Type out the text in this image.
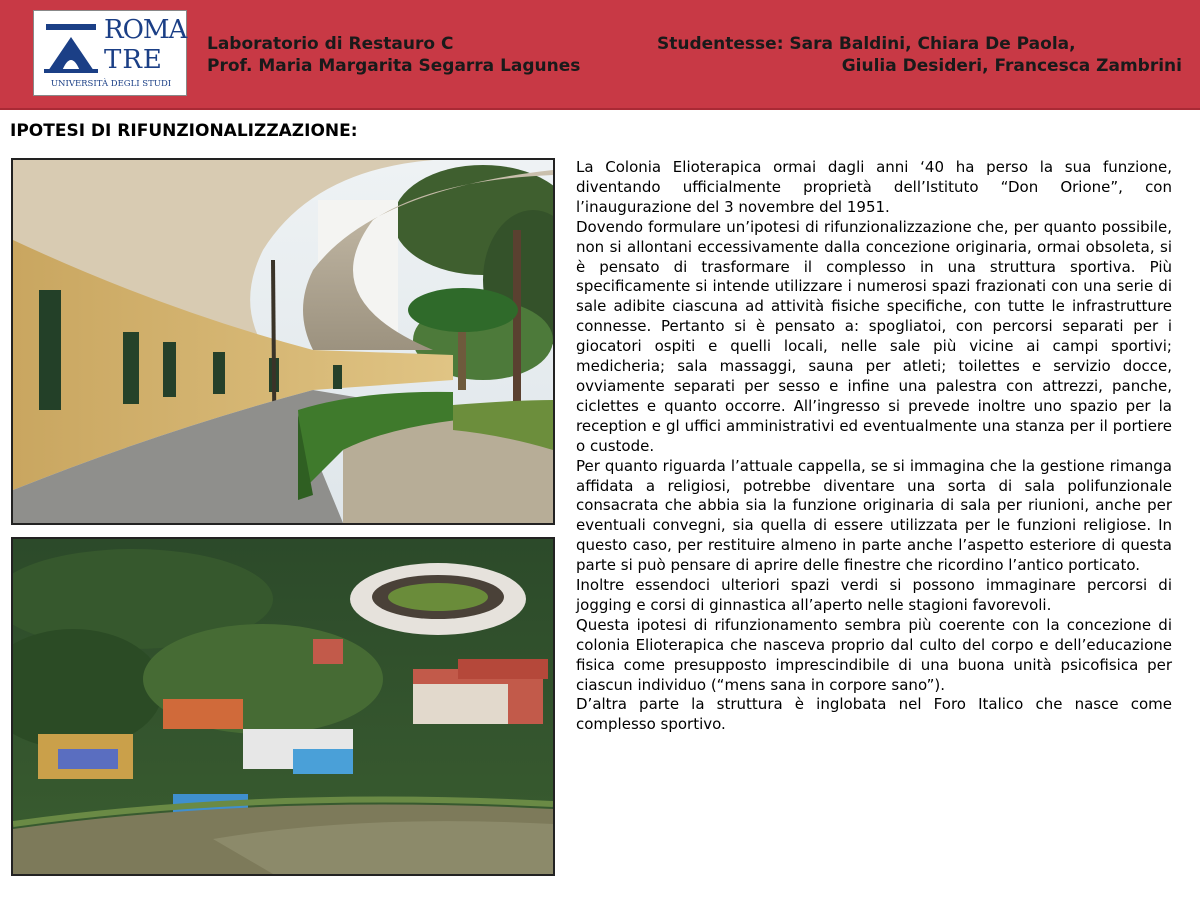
ROMA
TRE
UNIVERSITÀ DEGLI STUDI
Laboratorio di Restauro C
Prof. Maria Margarita Segarra Lagunes
Studentesse: Sara Baldini, Chiara De Paola,
Giulia Desideri, Francesca Zambrini
IPOTESI DI RIFUNZIONALIZZAZIONE:

La Colonia Elioterapica ormai dagli anni ‘40 ha perso la sua funzione, diventando ufficialmente proprietà dell’Istituto “Don Orione”, con l’inaugurazione del 3 novembre del 1951.

Dovendo formulare un’ipotesi di rifunzionalizzazione che, per quanto possibile, non si allontani eccessivamente dalla concezione originaria, ormai obsoleta, si è pensato di trasformare il complesso in una struttura sportiva. Più specificamente si intende utilizzare i numerosi spazi frazionati con una serie di sale adibite ciascuna ad attività fisiche specifiche, con tutte le infrastrutture connesse. Pertanto si è pensato a: spogliatoi, con percorsi separati per i giocatori ospiti e quelli locali, nelle sale più vicine ai campi sportivi; medicheria; sala massaggi, sauna per atleti; toilettes e servizio docce, ovviamente separati per sesso e infine una palestra con attrezzi, panche, ciclettes e quanto occorre. All’ingresso si prevede inoltre uno spazio per la reception e gl uffici amministrativi ed eventualmente una stanza per il portiere o custode.

Per quanto riguarda l’attuale cappella, se si immagina che la gestione rimanga affidata a religiosi, potrebbe diventare una sorta di sala polifunzionale consacrata che abbia sia la funzione originaria di sala per riunioni, anche per eventuali convegni, sia quella di essere utilizzata per le funzioni religiose. In questo caso, per restituire almeno in parte anche l’aspetto esteriore di questa parte si può pensare di aprire delle finestre che ricordino l’antico porticato.

Inoltre essendoci ulteriori spazi verdi si possono immaginare percorsi di jogging e corsi di ginnastica all’aperto nelle stagioni favorevoli.

Questa ipotesi di rifunzionamento sembra più coerente con la concezione di colonia Elioterapica che nasceva proprio dal culto del corpo e dell’educazione fisica come presupposto imprescindibile di una buona unità psicofisica per ciascun individuo (“mens sana in corpore sano”).

D’altra parte la struttura è inglobata nel Foro Italico che nasce come complesso sportivo.
